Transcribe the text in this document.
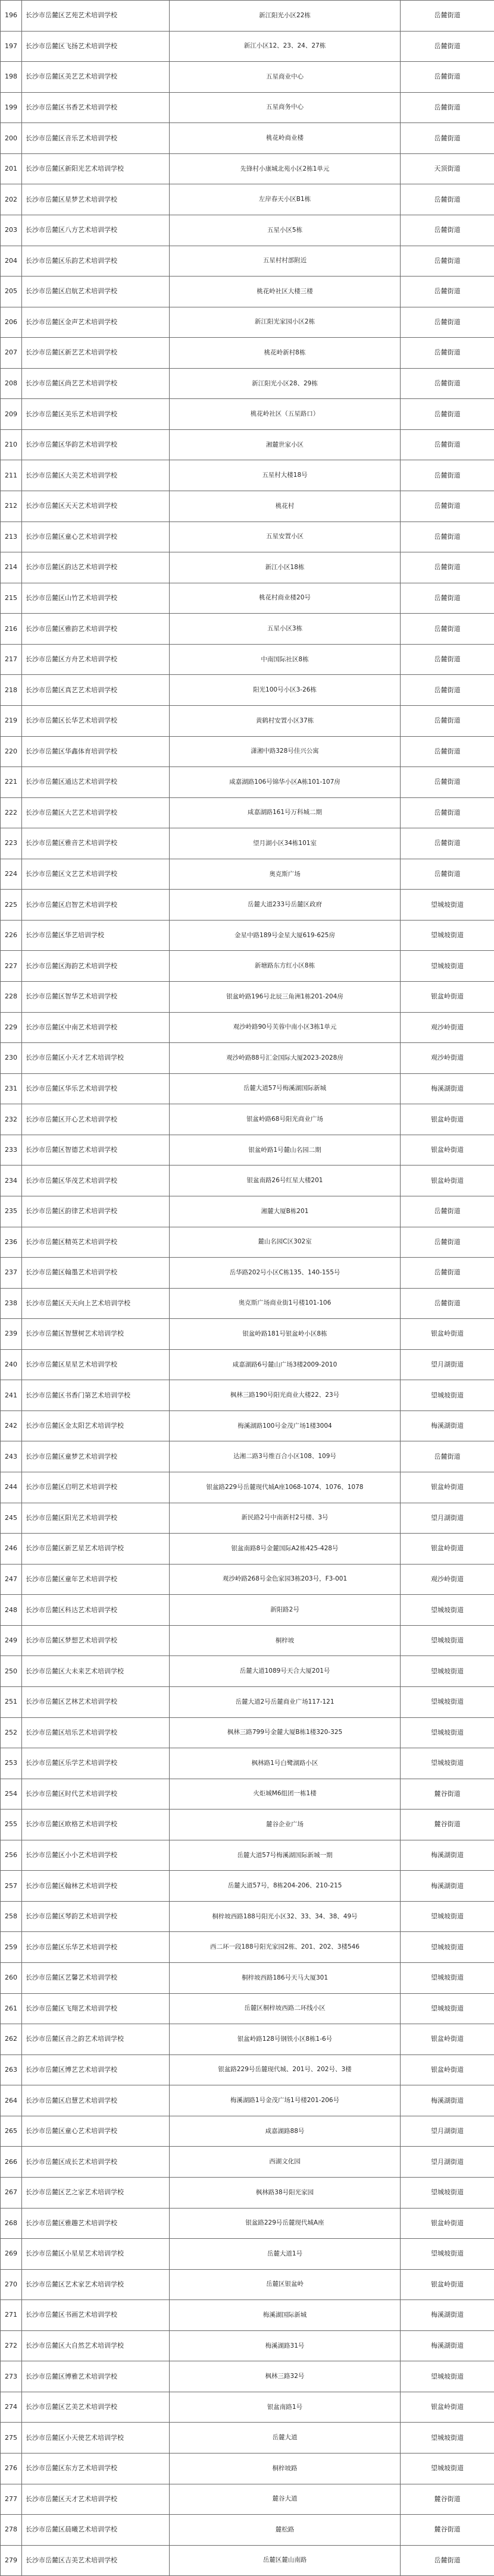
196	长沙市岳麓区艺苑艺术培训学校	新江阳光小区22栋	岳麓街道
197	长沙市岳麓区飞扬艺术培训学校	新江小区12、23、24、27栋	岳麓街道
198	长沙市岳麓区美艺艺术培训学校	五星商业中心	岳麓街道
199	长沙市岳麓区书香艺术培训学校	五星商务中心	岳麓街道
200	长沙市岳麓区音乐艺术培训学校	桃花岭商业楼	岳麓街道
201	长沙市岳麓区新阳光艺术培训学校	先锋村小康城北苑小区2栋1单元	天顶街道
202	长沙市岳麓区星梦艺术培训学校	左岸春天小区B1栋	岳麓街道
203	长沙市岳麓区八方艺术培训学校	五星小区5栋	岳麓街道
204	长沙市岳麓区乐韵艺术培训学校	五星村村部附近	岳麓街道
205	长沙市岳麓区启航艺术培训学校	桃花岭社区大楼三楼	岳麓街道
206	长沙市岳麓区金声艺术培训学校	新江阳光家园小区2栋	岳麓街道
207	长沙市岳麓区新艺艺术培训学校	桃花岭新村8栋	岳麓街道
208	长沙市岳麓区尚艺艺术培训学校	新江阳光小区28、29栋	岳麓街道
209	长沙市岳麓区美乐艺术培训学校	桃花岭社区（五星路口）	岳麓街道
210	长沙市岳麓区华韵艺术培训学校	湘麓世家小区	岳麓街道
211	长沙市岳麓区大美艺术培训学校	五星村大楼18号	岳麓街道
212	长沙市岳麓区天天艺术培训学校	桃花村	岳麓街道
213	长沙市岳麓区童心艺术培训学校	五星安置小区	岳麓街道
214	长沙市岳麓区韵达艺术培训学校	新江小区18栋	岳麓街道
215	长沙市岳麓区山竹艺术培训学校	桃花村商业楼20号	岳麓街道
216	长沙市岳麓区雅韵艺术培训学校	五星小区3栋	岳麓街道
217	长沙市岳麓区方舟艺术培训学校	中南国际社区8栋	岳麓街道
218	长沙市岳麓区真艺艺术培训学校	阳光100号小区3-26栋	岳麓街道
219	长沙市岳麓区长华艺术培训学校	黄鹤村安置小区37栋	岳麓街道
220	长沙市岳麓区华鑫体育培训学校	潇湘中路328号佳兴公寓	岳麓街道
221	长沙市岳麓区通达艺术培训学校	咸嘉湖路106号锦华小区A栋101-107房	岳麓街道
222	长沙市岳麓区大艺艺术培训学校	咸嘉湖路161号万科城二期	岳麓街道
223	长沙市岳麓区雅音艺术培训学校	望月湖小区34栋101室	岳麓街道
224	长沙市岳麓区文艺艺术培训学校	奥克斯广场	岳麓街道
225	长沙市岳麓区启智艺术培训学校	岳麓大道233号岳麓区政府	望城坡街道
226	长沙市岳麓区华艺培训学校	金星中路189号金星大厦619-625房	望城坡街道
227	长沙市岳麓区海韵艺术培训学校	新塘路东方红小区8栋	望城坡街道
228	长沙市岳麓区智华艺术培训学校	银盆岭路196号北辰三角洲1栋201-204房	银盆岭街道
229	长沙市岳麓区中南艺术培训学校	观沙岭路90号芙蓉中南小区3栋1单元	观沙岭街道
230	长沙市岳麓区小天才艺术培训学校	观沙岭路88号汇金国际大厦2023-2028房	观沙岭街道
231	长沙市岳麓区华乐艺术培训学校	岳麓大道57号梅溪湖国际新城	梅溪湖街道
232	长沙市岳麓区开心艺术培训学校	银盆岭路68号阳光商业广场	银盆岭街道
233	长沙市岳麓区智德艺术培训学校	银盆岭路1号麓山名园二期	银盆岭街道
234	长沙市岳麓区华茂艺术培训学校	银盆南路26号红星大楼201	银盆岭街道
235	长沙市岳麓区韵律艺术培训学校	湘麓大厦B栋201	岳麓街道
236	长沙市岳麓区精英艺术培训学校	麓山名园C区302室	岳麓街道
237	长沙市岳麓区翰墨艺术培训学校	岳华路202号小区C栋135、140-155号	岳麓街道
238	长沙市岳麓区天天向上艺术培训学校	奥克斯广场商业街1号楼101-106	岳麓街道
239	长沙市岳麓区智慧树艺术培训学校	银盆岭路181号银盆岭小区8栋	银盆岭街道
240	长沙市岳麓区星星艺术培训学校	咸嘉湖路6号麓山广场3楼2009-2010	望月湖街道
241	长沙市岳麓区书香门第艺术培训学校	枫林三路190号阳光商业大楼22、23号	望城坡街道
242	长沙市岳麓区金太阳艺术培训学校	梅溪湖路100号金茂广场1楼3004	梅溪湖街道
243	长沙市岳麓区童梦艺术培训学校	达湘二路3号维百合小区108、109号	岳麓街道
244	长沙市岳麓区启明艺术培训学校	银盆路229号岳麓现代城A座1068-1074、1076、1078	银盆岭街道
245	长沙市岳麓区阳光艺术培训学校	新民路2号中南新村2号楼、3号	望月湖街道
246	长沙市岳麓区新艺星艺术培训学校	银盆南路8号金麓国际A2栋425-428号	银盆岭街道
247	长沙市岳麓区童年艺术培训学校	观沙岭路268号金色家园3栋203号，F3-001	观沙岭街道
248	长沙市岳麓区科达艺术培训学校	新阳路2号	望城坡街道
249	长沙市岳麓区梦想艺术培训学校	桐梓坡	望城坡街道
250	长沙市岳麓区大未来艺术培训学校	岳麓大道1089号天合大厦201号	望城坡街道
251	长沙市岳麓区艺林艺术培训学校	岳麓大道2号岳麓商业广场117-121	望城坡街道
252	长沙市岳麓区培乐艺术培训学校	枫林三路799号金麓大厦B栋1楼320-325	望城坡街道
253	长沙市岳麓区乐学艺术培训学校	枫林路1号白鹭湖路小区	望城坡街道
254	长沙市岳麓区时代艺术培训学校	火炬城M6组团一栋1楼	麓谷街道
255	长沙市岳麓区欧格艺术培训学校	麓谷企业广场	麓谷街道
256	长沙市岳麓区小小艺术培训学校	岳麓大道57号梅溪湖国际新城一期	梅溪湖街道
257	长沙市岳麓区翰林艺术培训学校	岳麓大道57号，8栋204-206、210-215	梅溪湖街道
258	长沙市岳麓区琴韵艺术培训学校	桐梓坡西路188号阳光小区32、33、34、38、49号	望城坡街道
259	长沙市岳麓区乐华艺术培训学校	西二环一段188号阳光家园2栋、201、202、3楼546	望城坡街道
260	长沙市岳麓区艺馨艺术培训学校	桐梓坡西路186号天马大厦301	望城坡街道
261	长沙市岳麓区飞翔艺术培训学校	岳麓区桐梓坡西路二环线小区	望城坡街道
262	长沙市岳麓区音之韵艺术培训学校	银盆岭路128号钢铁小区8栋1-6号	银盆岭街道
263	长沙市岳麓区博艺艺术培训学校	银盆路229号岳麓现代城、201号、202号、3楼	银盆岭街道
264	长沙市岳麓区启慧艺术培训学校	梅溪湖路1号金茂广场1号楼201-206号	梅溪湖街道
265	长沙市岳麓区童心艺术培训学校	咸嘉湖路88号	望月湖街道
266	长沙市岳麓区成长艺术培训学校	西湖文化园	望月湖街道
267	长沙市岳麓区艺之家艺术培训学校	枫林路38号阳光家园	望城坡街道
268	长沙市岳麓区雅趣艺术培训学校	银盆路229号岳麓现代城A座	银盆岭街道
269	长沙市岳麓区小星星艺术培训学校	岳麓大道1号	望城坡街道
270	长沙市岳麓区艺术家艺术培训学校	岳麓区银盆岭	银盆岭街道
271	长沙市岳麓区书画艺术培训学校	梅溪湖国际新城	梅溪湖街道
272	长沙市岳麓区大自然艺术培训学校	梅溪湖路31号	梅溪湖街道
273	长沙市岳麓区博雅艺术培训学校	枫林三路32号	望城坡街道
274	长沙市岳麓区艺美艺术培训学校	银盆南路1号	银盆岭街道
275	长沙市岳麓区小天使艺术培训学校	岳麓大道	望城坡街道
276	长沙市岳麓区东方艺术培训学校	桐梓坡路	望城坡街道
277	长沙市岳麓区天才艺术培训学校	麓谷大道	麓谷街道
278	长沙市岳麓区晨曦艺术培训学校	麓松路	麓谷街道
279	长沙市岳麓区吉美艺术培训学校	岳麓区麓山南路	岳麓街道
